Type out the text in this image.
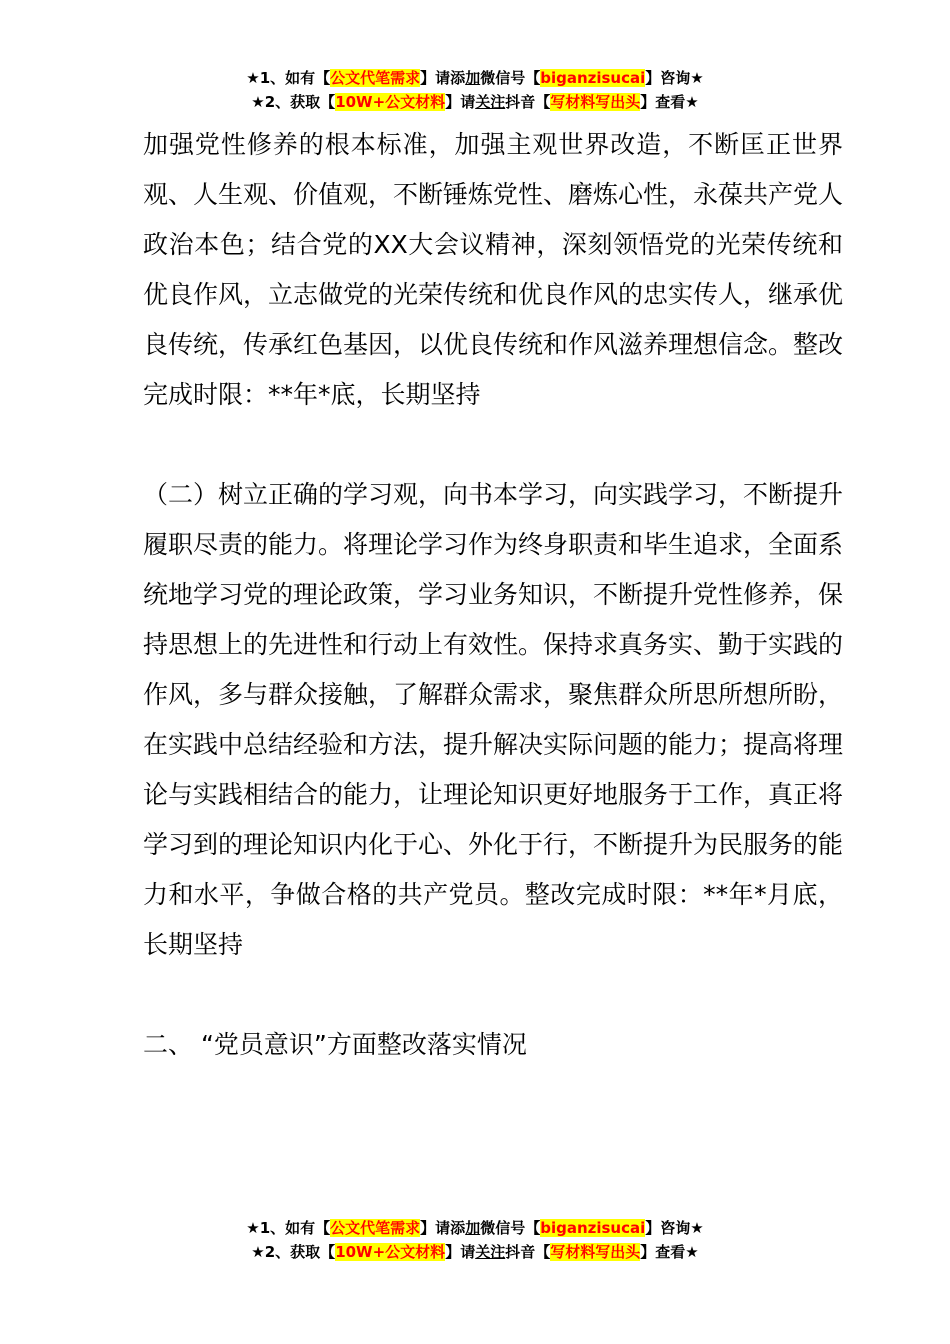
★1、如有【公文代笔需求】请添加微信号【biganzisucai】咨询★
★2、获取【10W+公文材料】请关注抖音【写材料写出头】查看★

加强党性修养的根本标准，加强主观世界改造，不断匡正世界观、人生观、价值观，不断锤炼党性、磨炼心性，永葆共产党人政治本色；结合党的XX大会议精神，深刻领悟党的光荣传统和优良作风，立志做党的光荣传统和优良作风的忠实传人，继承优良传统，传承红色基因，以优良传统和作风滋养理想信念。整改完成时限：**年*底，长期坚持

（二）树立正确的学习观，向书本学习，向实践学习，不断提升履职尽责的能力。将理论学习作为终身职责和毕生追求，全面系统地学习党的理论政策，学习业务知识，不断提升党性修养，保持思想上的先进性和行动上有效性。保持求真务实、勤于实践的作风，多与群众接触，了解群众需求，聚焦群众所思所想所盼，在实践中总结经验和方法，提升解决实际问题的能力；提高将理论与实践相结合的能力，让理论知识更好地服务于工作，真正将学习到的理论知识内化于心、外化于行，不断提升为民服务的能力和水平，争做合格的共产党员。整改完成时限：**年*月底，长期坚持

二、 “党员意识”方面整改落实情况

★1、如有【公文代笔需求】请添加微信号【biganzisucai】咨询★
★2、获取【10W+公文材料】请关注抖音【写材料写出头】查看★
